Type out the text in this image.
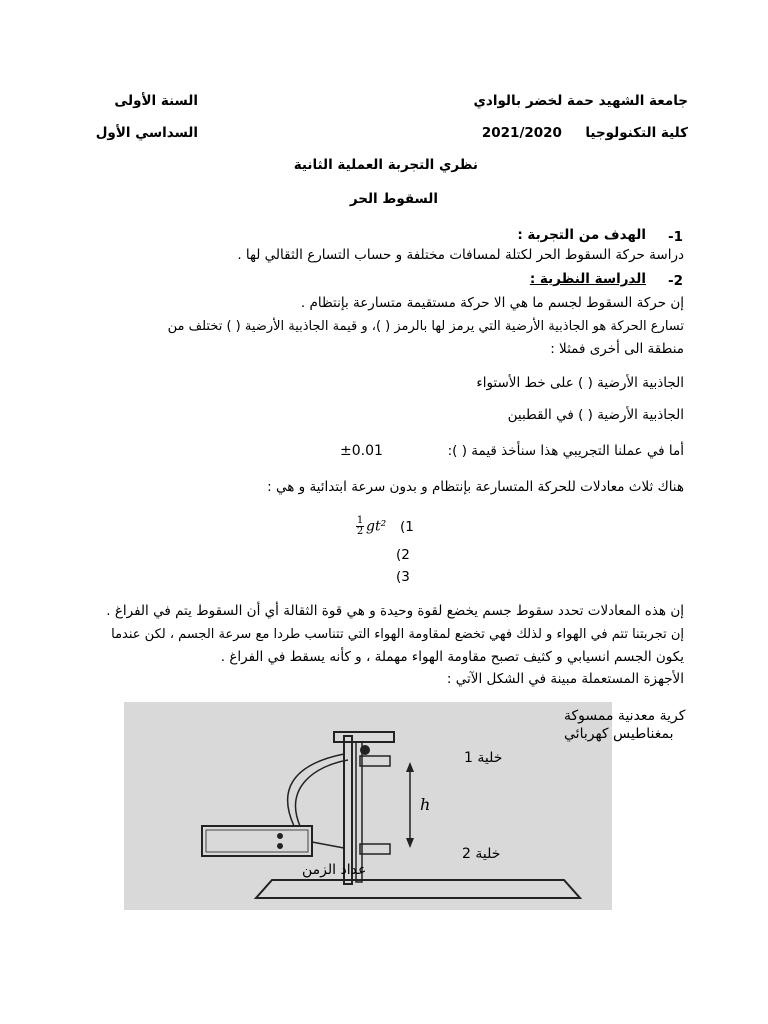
جامعة الشهيد حمة لخضر بالوادي
السنة الأولى
كلية التكنولوجيا  2021/2020
السداسي الأول
نظري التجربة العملية الثانية
السقوط الحر
-1
الهدف من التجربة :
دراسة حركة السقوط الحر لكتلة لمسافات مختلفة و حساب التسارع الثقالي لها .
-2
الدراسة النظرية :
إن حركة السقوط لجسم ما هي الا حركة مستقيمة متسارعة بإنتظام .
تسارع الحركة هو الجاذبية الأرضية التي يرمز لها بالرمز ( )، و قيمة الجاذبية الأرضية ( ) تختلف من
منطقة الى أخرى فمثلا :
الجاذبية الأرضية ( ) على خط الأستواء
الجاذبية الأرضية ( ) في القطبين
أما في عملنا التجريبي هذا سنأخذ قيمة ( ):
±0.01
هناك ثلاث معادلات للحركة المتسارعة بإنتظام و بدون سرعة ابتدائية و هي :
$\frac{1}{2} gt^2$ (1
(2
(3
إن هذه المعادلات تحدد سقوط جسم يخضع لقوة وحيدة و هي قوة الثقالة أي أن السقوط يتم في الفراغ .
إن تجربتنا تتم في الهواء و لذلك فهي تخضع لمقاومة الهواء التي تتناسب طردا مع سرعة الجسم ، لكن عندما
يكون الجسم انسيابي و كثيف تصبح مقاومة الهواء مهملة ، و كأنه يسقط في الفراغ .
الأجهزة المستعملة مبينة في الشكل الآتي :
كرية معدنية ممسوكة
بمغناطيس كهربائي
خلية 1
h
خلية 2
عداد الزمن
